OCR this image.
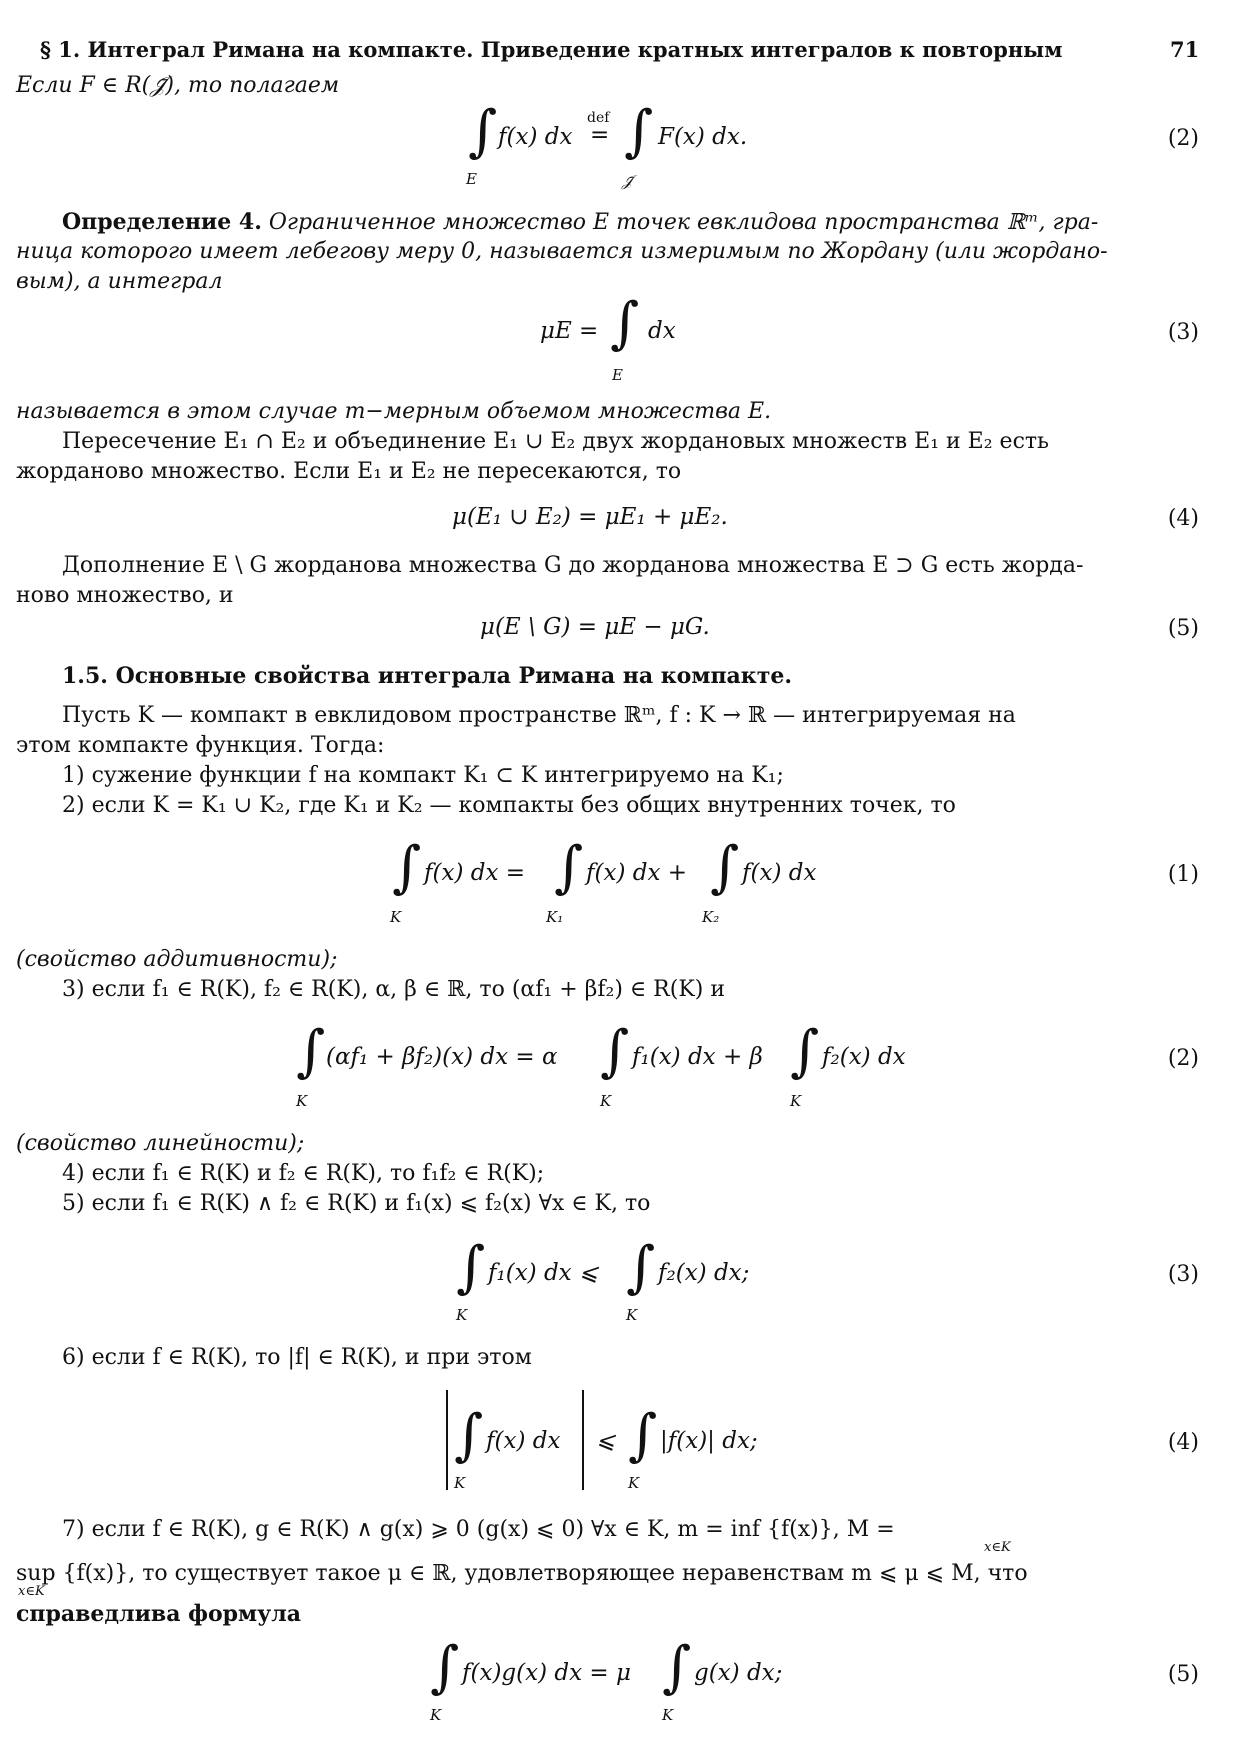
§ 1. Интеграл Римана на компакте. Приведение кратных интегралов к повторным	71
Если F ∈ R(𝒥̄), то полагаем
∫
E
f(x) dx
def
= ∫
𝒥̄
F(x) dx.	(2)
Определение 4. Ограниченное множество E точек евклидова пространства ℝᵐ, гра-
ница которого имеет лебегову меру 0, называется измеримым по Жордану (или жордано-
вым), а интеграл
μE = ∫
E
dx	(3)
называется в этом случае m−мерным объемом множества E.
Пересечение E₁ ∩ E₂ и объединение E₁ ∪ E₂ двух жордановых множеств E₁ и E₂ есть
жорданово множество. Если E₁ и E₂ не пересекаются, то
μ(E₁ ∪ E₂) = μE₁ + μE₂.	(4)
Дополнение E \ G жорданова множества G до жорданова множества E ⊃ G есть жорда-
ново множество, и
μ(E \ G) = μE − μG.	(5)
1.5. Основные свойства интеграла Римана на компакте.
Пусть K — компакт в евклидовом пространстве ℝᵐ, f : K → ℝ — интегрируемая на
этом компакте функция. Тогда:
1) сужение функции f на компакт K₁ ⊂ K интегрируемо на K₁;
2) если K = K₁ ∪ K₂, где K₁ и K₂ — компакты без общих внутренних точек, то
∫
K
f(x) dx = ∫
K₁
f(x) dx + ∫
K₂
f(x) dx	(1)
(свойство аддитивности);
3) если f₁ ∈ R(K), f₂ ∈ R(K), α, β ∈ ℝ, то (αf₁ + βf₂) ∈ R(K) и
∫
K
(αf₁ + βf₂)(x) dx = α ∫
K
f₁(x) dx + β ∫
K
f₂(x) dx	(2)
(свойство линейности);
4) если f₁ ∈ R(K) и f₂ ∈ R(K), то f₁f₂ ∈ R(K);
5) если f₁ ∈ R(K) ∧ f₂ ∈ R(K) и f₁(x) ⩽ f₂(x) ∀x ∈ K, то
∫
K
f₁(x) dx ⩽ ∫
K
f₂(x) dx;	(3)
6) если f ∈ R(K), то |f| ∈ R(K), и при этом
∫
K
f(x) dx ⩽ ∫
K
|f(x)| dx;	(4)
7) если f ∈ R(K), g ∈ R(K) ∧ g(x) ⩾ 0 (g(x) ⩽ 0) ∀x ∈ K, m = inf {f(x)}, M =
x∈K
sup {f(x)}, то существует такое μ ∈ ℝ, удовлетворяющее неравенствам m ⩽ μ ⩽ M, что
x∈K
справедлива формула
∫
K
f(x)g(x) dx = μ ∫
K
g(x) dx;	(5)
